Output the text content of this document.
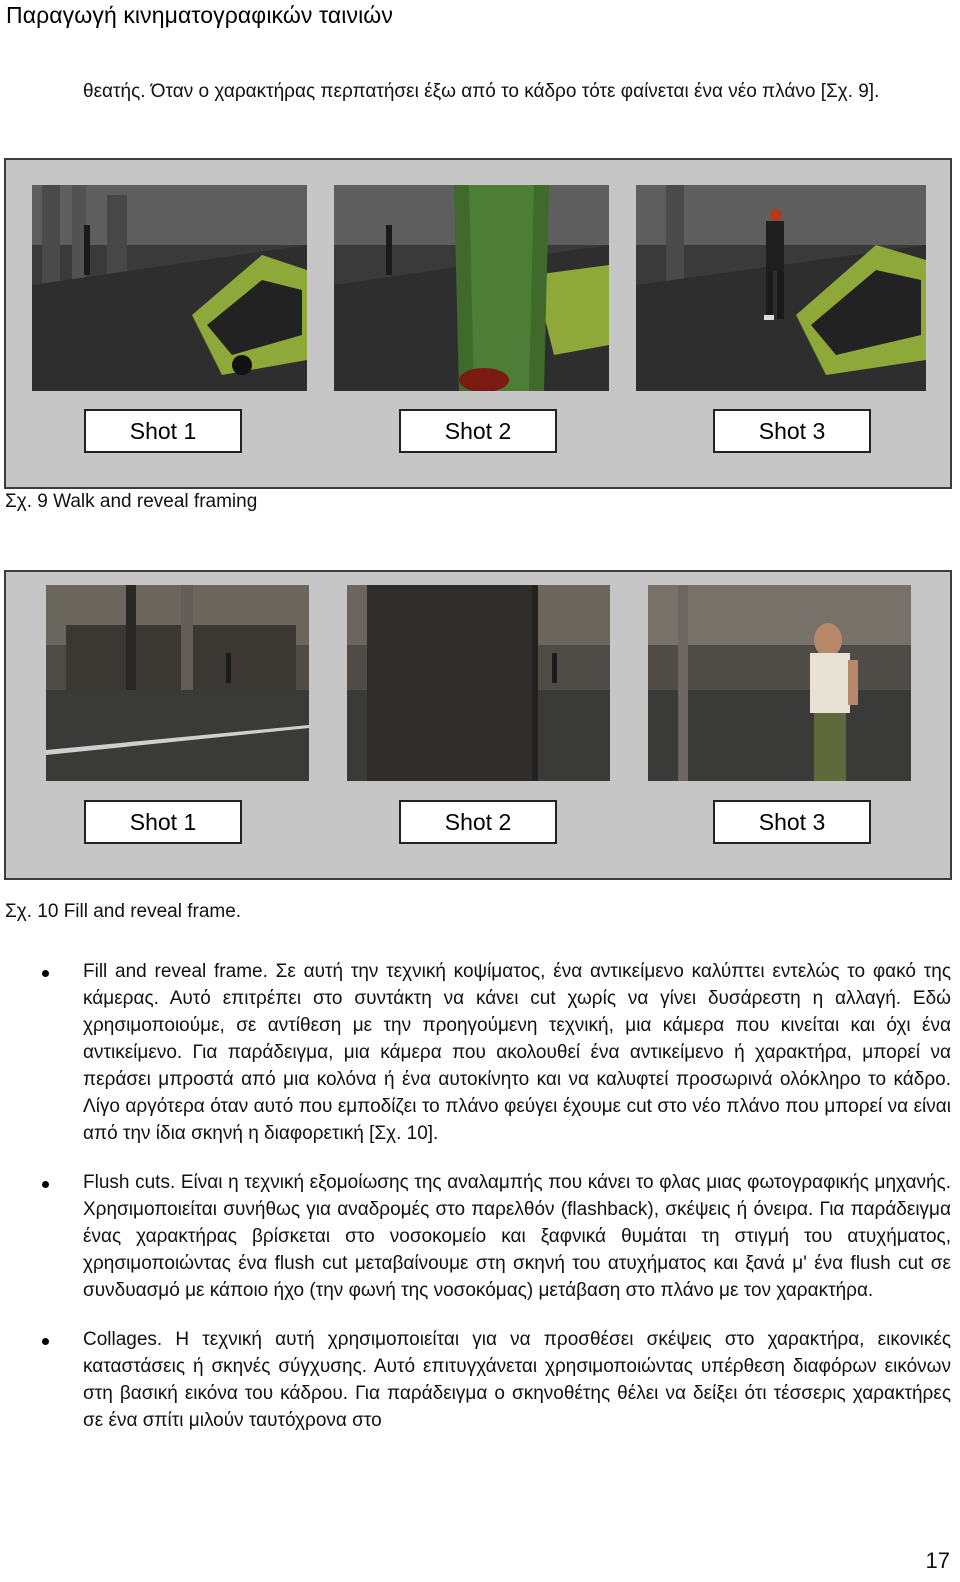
Παραγωγή κινηματογραφικών ταινιών
θεατής. Όταν ο χαρακτήρας περπατήσει έξω από το κάδρο τότε φαίνεται ένα νέο πλάνο [Σχ. 9].
Shot 1	Shot 2	Shot 3
Σχ. 9 Walk and reveal framing
Shot 1	Shot 2	Shot 3
Σχ. 10 Fill and reveal frame.
Fill and reveal frame. Σε αυτή την τεχνική κοψίματος, ένα αντικείμενο καλύπτει εντελώς το φακό της κάμερας. Αυτό επιτρέπει στο συντάκτη να κάνει cut χωρίς να γίνει δυσάρεστη η αλλαγή. Εδώ χρησιμοποιούμε, σε αντίθεση με την προηγούμενη τεχνική, μια κάμερα που κινείται και όχι ένα αντικείμενο. Για παράδειγμα, μια κάμερα που ακολουθεί ένα αντικείμενο ή χαρακτήρα, μπορεί να περάσει μπροστά από μια κολόνα ή ένα αυτοκίνητο και να καλυφτεί προσωρινά ολόκληρο το κάδρο. Λίγο αργότερα όταν αυτό που εμποδίζει το πλάνο φεύγει έχουμε cut στο νέο πλάνο που μπορεί να είναι από την ίδια σκηνή η διαφορετική [Σχ. 10].
Flush cuts. Είναι η τεχνική εξομοίωσης της αναλαμπής που κάνει το φλας μιας φωτογραφικής μηχανής. Χρησιμοποιείται συνήθως για αναδρομές στο παρελθόν (flashback), σκέψεις ή όνειρα. Για παράδειγμα ένας χαρακτήρας βρίσκεται στο νοσοκομείο και ξαφνικά θυμάται τη στιγμή του ατυχήματος, χρησιμοποιώντας ένα flush cut μεταβαίνουμε στη σκηνή του ατυχήματος και ξανά μ' ένα flush cut σε συνδυασμό με κάποιο ήχο (την φωνή της νοσοκόμας) μετάβαση στο πλάνο με τον χαρακτήρα.
Collages. Η τεχνική αυτή χρησιμοποιείται για να προσθέσει σκέψεις στο χαρακτήρα, εικονικές καταστάσεις ή σκηνές σύγχυσης. Αυτό επιτυγχάνεται χρησιμοποιώντας υπέρθεση διαφόρων εικόνων στη βασική εικόνα του κάδρου. Για παράδειγμα ο σκηνοθέτης θέλει να δείξει ότι τέσσερις χαρακτήρες σε ένα σπίτι μιλούν ταυτόχρονα στο
17
